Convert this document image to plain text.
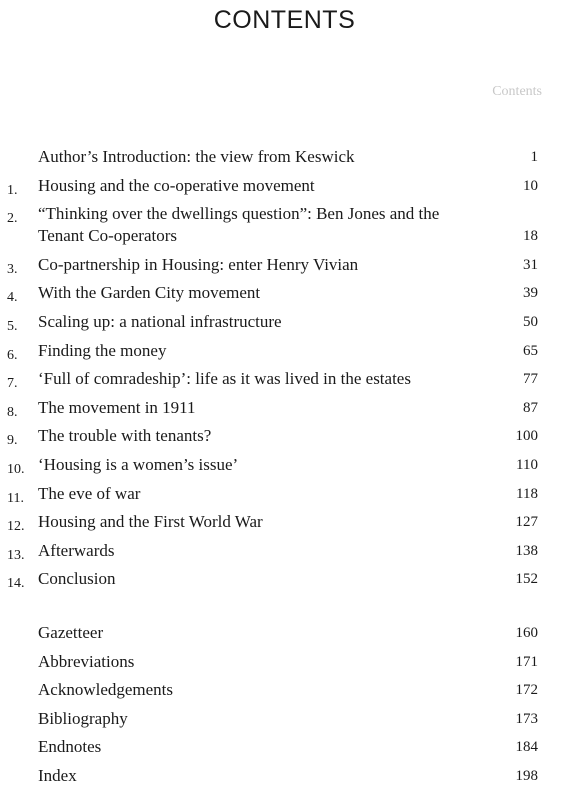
CONTENTS
Contents
Author’s Introduction: the view from Keswick	1
1.	Housing and the co-operative movement	10
2.	“Thinking over the dwellings question”: Ben Jones and the Tenant Co-operators	18
3.	Co-partnership in Housing: enter Henry Vivian	31
4.	With the Garden City movement	39
5.	Scaling up: a national infrastructure	50
6.	Finding the money	65
7.	‘Full of comradeship’: life as it was lived in the estates	77
8.	The movement in 1911	87
9.	The trouble with tenants?	100
10. ‘Housing is a women’s issue’	110
11. The eve of war	118
12. Housing and the First World War	127
13. Afterwards	138
14. Conclusion	152
Gazetteer	160
Abbreviations	171
Acknowledgements	172
Bibliography	173
Endnotes	184
Index	198
